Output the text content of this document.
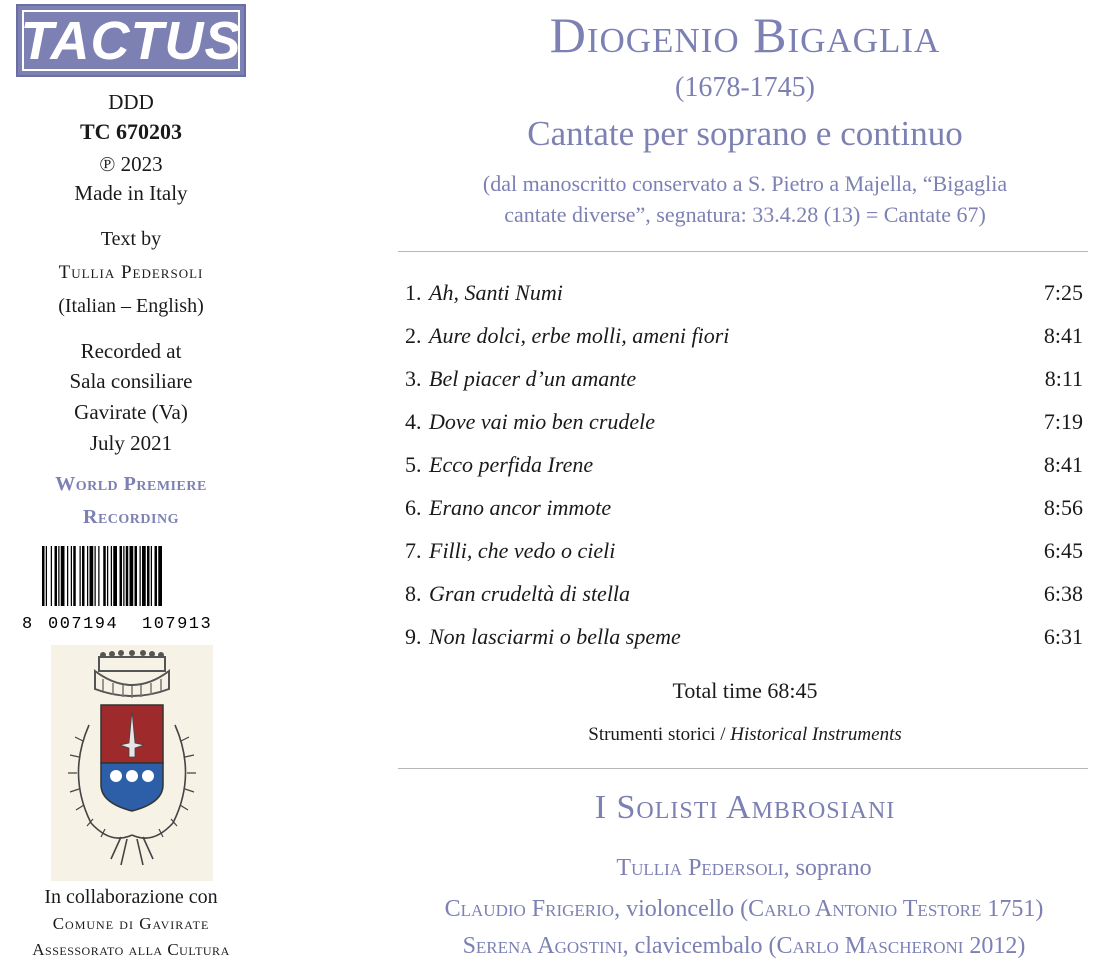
TACTUS
DDD
TC 670203
℗ 2023
Made in Italy
Text by
Tullia Pedersoli
(Italian – English)
Recorded at
Sala consiliare
Gavirate (Va)
July 2021
World Premiere
Recording
8 007194 107913
In collaborazione con
Comune di Gavirate
Assessorato alla Cultura
Diogenio Bigaglia
(1678-1745)
Cantate per soprano e continuo
(dal manoscritto conservato a S. Pietro a Majella, “Bigaglia
cantate diverse”, segnatura: 33.4.28 (13) = Cantate 67)
1. Ah, Santi Numi	7:25
2. Aure dolci, erbe molli, ameni fiori	8:41
3. Bel piacer d’un amante	8:11
4. Dove vai mio ben crudele	7:19
5. Ecco perfida Irene	8:41
6. Erano ancor immote	8:56
7. Filli, che vedo o cieli	6:45
8. Gran crudeltà di stella	6:38
9. Non lasciarmi o bella speme	6:31
Total time 68:45
Strumenti storici / Historical Instruments
I Solisti Ambrosiani
Tullia Pedersoli, soprano
Claudio Frigerio, violoncello (Carlo Antonio Testore 1751)
Serena Agostini, clavicembalo (Carlo Mascheroni 2012)
